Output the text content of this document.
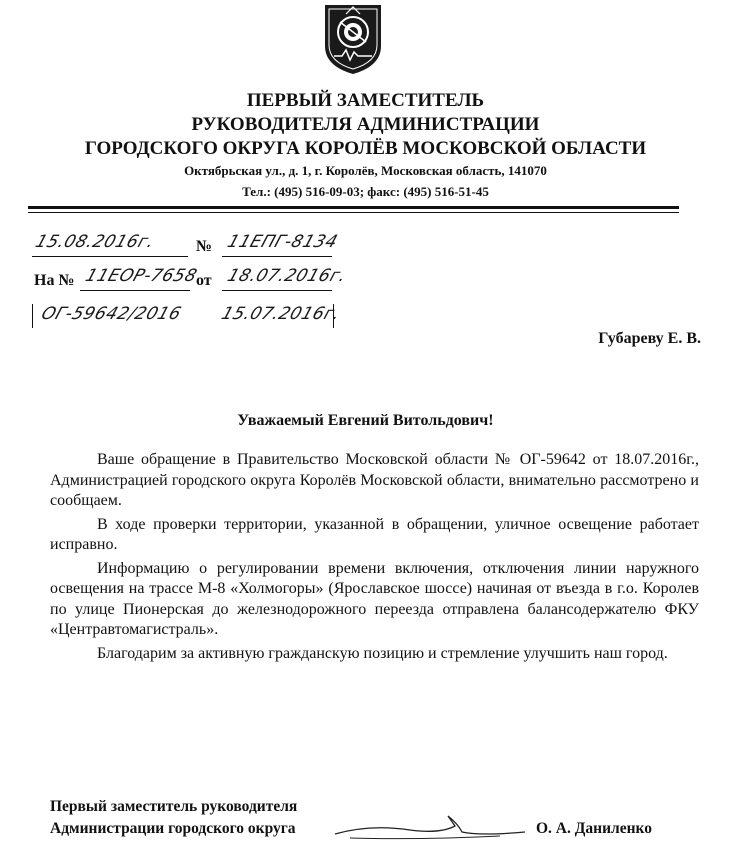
ПЕРВЫЙ ЗАМЕСТИТЕЛЬ
РУКОВОДИТЕЛЯ АДМИНИСТРАЦИИ
ГОРОДСКОГО ОКРУГА КОРОЛЁВ МОСКОВСКОЙ ОБЛАСТИ
Октябрьская ул., д. 1, г. Королёв, Московская область, 141070
Тел.: (495) 516-09-03; факс: (495) 516-51-45
15.08.2016г. № 11ЕПГ-8134
На № 11ЕОР-7658
от 18.07.2016г.
ОГ-59642/2016 15.07.2016г.
Губареву Е. В.
Уважаемый Евгений Витольдович!

Ваше обращение в Правительство Московской области № ОГ-59642 от 18.07.2016г., Администрацией городского округа Королёв Московской области, внимательно рассмотрено и сообщаем.

В ходе проверки территории, указанной в обращении, уличное освещение работает исправно.

Информацию о регулировании времени включения, отключения линии наружного освещения на трассе М-8 «Холмогоры» (Ярославское шоссе) начиная от въезда в г.о. Королев по улице Пионерская до железнодорожного переезда отправлена балансодержателю ФКУ «Центравтомагистраль».

Благодарим за активную гражданскую позицию и стремление улучшить наш город.

Первый заместитель руководителя
Администрации городского округа	О. А. Даниленко
